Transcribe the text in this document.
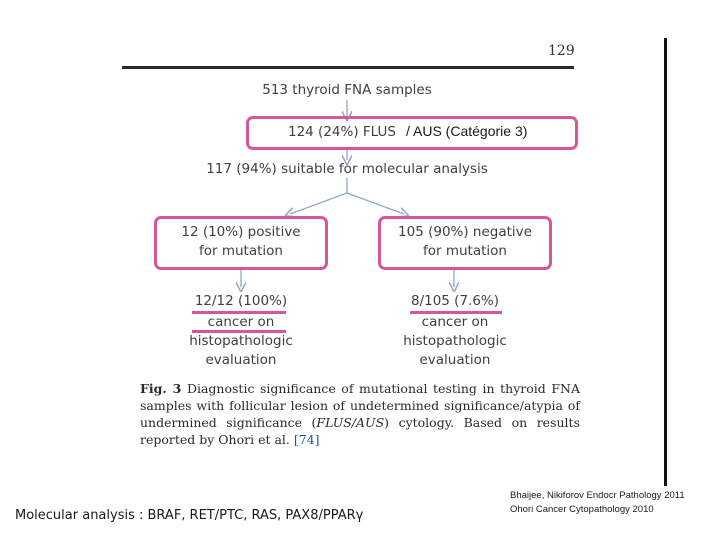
129
513 thyroid FNA samples
124 (24%) FLUS / AUS (Catégorie 3)
117 (94%) suitable for molecular analysis
12 (10%) positive
for mutation
105 (90%) negative
for mutation
12/12 (100%)
cancer on
histopathologic
evaluation
8/105 (7.6%)
cancer on
histopathologic
evaluation
Fig. 3 Diagnostic significance of mutational testing in thyroid FNA samples with follicular lesion of undetermined significance/atypia of undermined significance (FLUS/AUS) cytology. Based on results reported by Ohori et al. [74]
Molecular analysis : BRAF, RET/PTC, RAS, PAX8/PPARγ
Bhaijee, Nikiforov Endocr Pathology 2011
Ohori Cancer Cytopathology 2010
